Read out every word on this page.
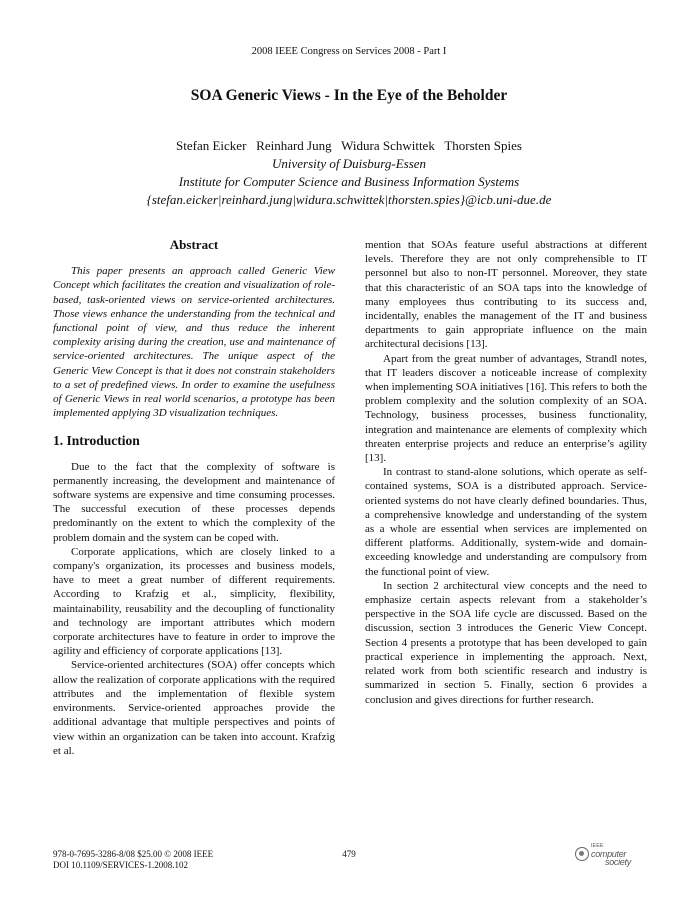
2008 IEEE Congress on Services 2008 - Part I
SOA Generic Views - In the Eye of the Beholder
Stefan Eicker   Reinhard Jung   Widura Schwittek   Thorsten Spies
University of Duisburg-Essen
Institute for Computer Science and Business Information Systems
{stefan.eicker|reinhard.jung|widura.schwittek|thorsten.spies}@icb.uni-due.de
Abstract

This paper presents an approach called Generic View Concept which facilitates the creation and visualization of role-based, task-oriented views on service-oriented architectures. Those views enhance the understanding from the technical and functional point of view, and thus reduce the inherent complexity arising during the creation, use and maintenance of service-oriented architectures. The unique aspect of the Generic View Concept is that it does not constrain stakeholders to a set of predefined views. In order to examine the usefulness of Generic Views in real world scenarios, a prototype has been implemented applying 3D visualization techniques.

1. Introduction

Due to the fact that the complexity of software is permanently increasing, the development and maintenance of software systems are expensive and time consuming processes. The successful execution of these processes depends predominantly on the extent to which the complexity of the problem domain and the system can be coped with.

Corporate applications, which are closely linked to a company's organization, its processes and business models, have to meet a great number of different requirements. According to Krafzig et al., simplicity, flexibility, maintainability, reusability and the decoupling of functionality and technology are important attributes which modern corporate architectures have to feature in order to improve the agility and efficiency of corporate applications [13].

Service-oriented architectures (SOA) offer concepts which allow the realization of corporate applications with the required attributes and the implementation of flexible system environments. Service-oriented approaches provide the additional advantage that multiple perspectives and points of view within an organization can be taken into account. Krafzig et al.

mention that SOAs feature useful abstractions at different levels. Therefore they are not only comprehensible to IT personnel but also to non-IT personnel. Moreover, they state that this characteristic of an SOA taps into the knowledge of many employees thus contributing to its success and, incidentally, enables the management of the IT and business departments to gain appropriate influence on the main architectural decisions [13].

Apart from the great number of advantages, Strandl notes, that IT leaders discover a noticeable increase of complexity when implementing SOA initiatives [16]. This refers to both the problem complexity and the solution complexity of an SOA. Technology, business processes, business functionality, integration and maintenance are elements of complexity which threaten enterprise projects and reduce an enterprise’s agility [13].

In contrast to stand-alone solutions, which operate as self-contained systems, SOA is a distributed approach. Service-oriented systems do not have clearly defined boundaries. Thus, a comprehensive knowledge and understanding of the system as a whole are essential when services are implemented on different platforms. Additionally, system-wide and domain-exceeding knowledge and understanding are compulsory from the functional point of view.

In section 2 architectural view concepts and the need to emphasize certain aspects relevant from a stakeholder’s perspective in the SOA life cycle are discussed. Based on the discussion, section 3 introduces the Generic View Concept. Section 4 presents a prototype that has been developed to gain practical experience in implementing the approach. Next, related work from both scientific research and industry is summarized in section 5. Finally, section 6 provides a conclusion and gives directions for further research.

978-0-7695-3286-8/08 $25.00 © 2008 IEEE
DOI 10.1109/SERVICES-1.2008.102
479
IEEE
computer
society
